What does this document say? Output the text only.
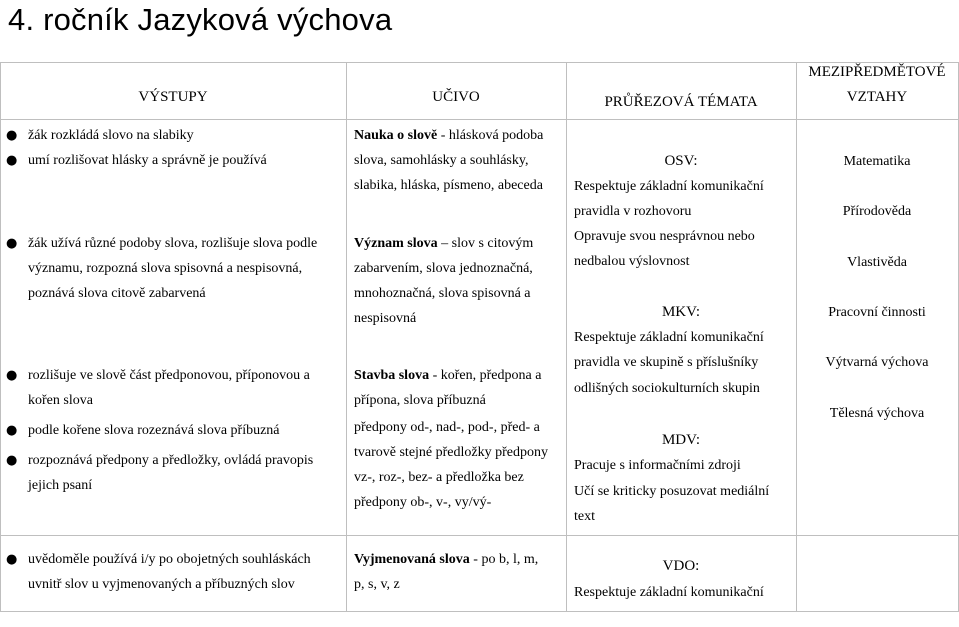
4. ročník Jazyková výchova
VÝSTUPY	UČIVO	PRŮŘEZOVÁ TÉMATA
MEZIPŘEDMĚTOVÉ
VZTAHY
● žák rozkládá slovo na slabiky
● umí rozlišovat hlásky a správně je používá
● žák užívá různé podoby slova, rozlišuje slova podle
významu, rozpozná slova spisovná a nespisovná,
poznává slova citově zabarvená
● rozlišuje ve slově část předponovou, příponovou a
kořen slova
● podle kořene slova rozeznává slova příbuzná
● rozpoznává předpony a předložky, ovládá pravopis
jejich psaní
● uvědoměle používá i/y po obojetných souhláskách
uvnitř slov u vyjmenovaných a příbuzných slov
Nauka o slově - hlásková podoba
slova, samohlásky a souhlásky,
slabika, hláska, písmeno, abeceda
Význam slova – slov s citovým
zabarvením, slova jednoznačná,
mnohoznačná, slova spisovná a
nespisovná
Stavba slova - kořen, předpona a
přípona, slova příbuzná
předpony od-, nad-, pod-, před- a
tvarově stejné předložky předpony
vz-, roz-, bez- a předložka bez
předpony ob-, v-, vy/vý-
Vyjmenovaná slova - po b, l, m,
p, s, v, z
OSV:
Respektuje základní komunikační
pravidla v rozhovoru
Opravuje svou nesprávnou nebo
nedbalou výslovnost
MKV:
Respektuje základní komunikační
pravidla ve skupině s příslušníky
odlišných sociokulturních skupin
MDV:
Pracuje s informačními zdroji
Učí se kriticky posuzovat mediální
text
VDO:
Respektuje základní komunikační
Matematika
Přírodověda
Vlastivěda
Pracovní činnosti
Výtvarná výchova
Tělesná výchova
